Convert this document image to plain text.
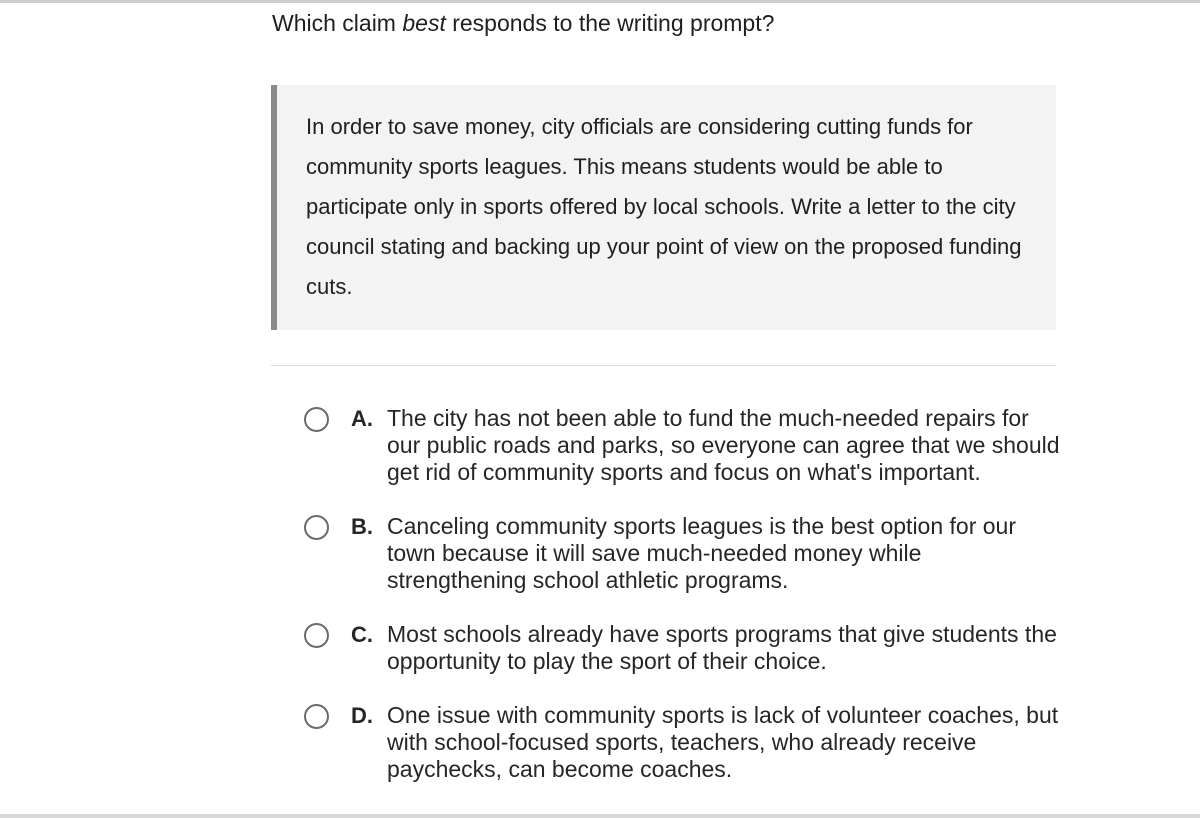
Which claim best responds to the writing prompt?
In order to save money, city officials are considering cutting funds for community sports leagues. This means students would be able to participate only in sports offered by local schools. Write a letter to the city council stating and backing up your point of view on the proposed funding cuts.
A. The city has not been able to fund the much-needed repairs for our public roads and parks, so everyone can agree that we should get rid of community sports and focus on what's important.
B. Canceling community sports leagues is the best option for our town because it will save much-needed money while strengthening school athletic programs.
C. Most schools already have sports programs that give students the opportunity to play the sport of their choice.
D. One issue with community sports is lack of volunteer coaches, but with school-focused sports, teachers, who already receive paychecks, can become coaches.
